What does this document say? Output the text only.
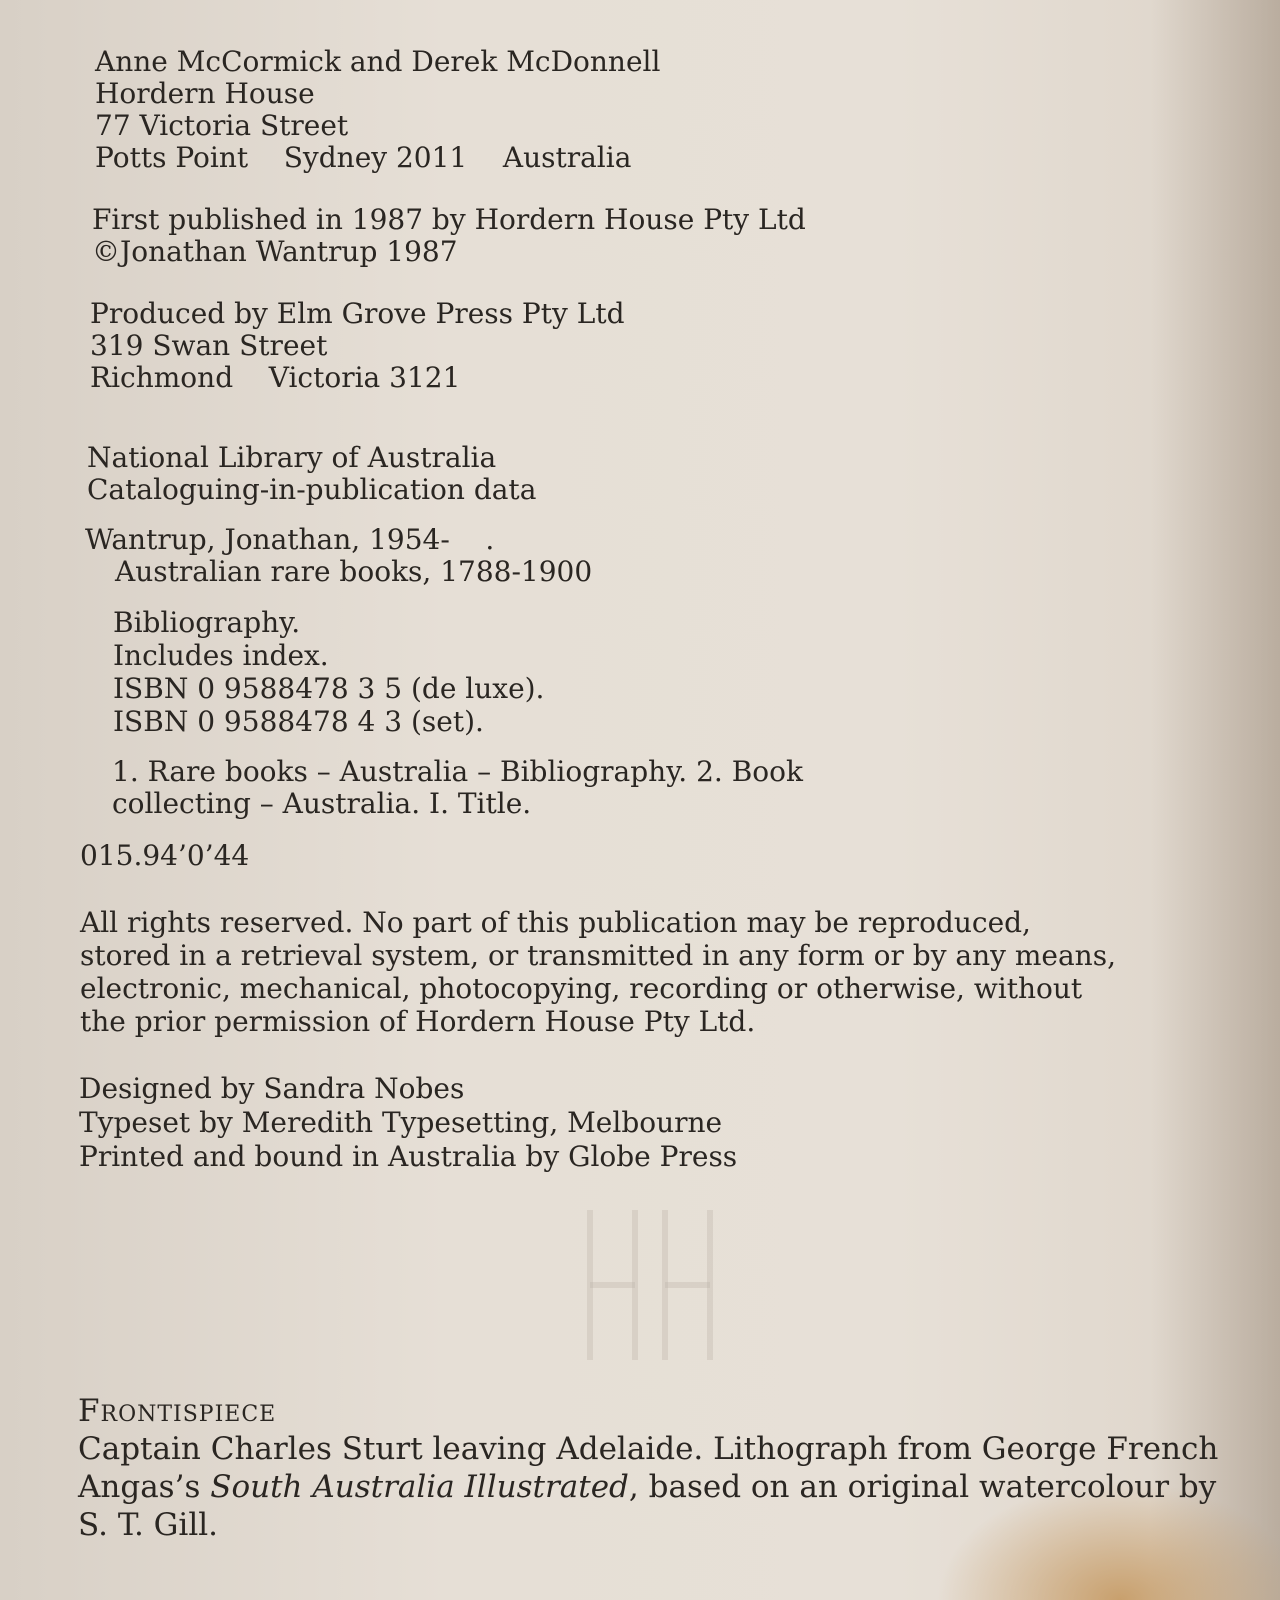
Anne McCormick and Derek McDonnell
Hordern House
77 Victoria Street
Potts Point    Sydney 2011    Australia
First published in 1987 by Hordern House Pty Ltd
©Jonathan Wantrup 1987
Produced by Elm Grove Press Pty Ltd
319 Swan Street
Richmond    Victoria 3121
National Library of Australia
Cataloguing-in-publication data
Wantrup, Jonathan, 1954-    .
Australian rare books, 1788-1900
Bibliography.
Includes index.
ISBN 0 9588478 3 5 (de luxe).
ISBN 0 9588478 4 3 (set).
1. Rare books – Australia – Bibliography. 2. Book
collecting – Australia. I. Title.
015.94’0’44
All rights reserved. No part of this publication may be reproduced,
stored in a retrieval system, or transmitted in any form or by any means,
electronic, mechanical, photocopying, recording or otherwise, without
the prior permission of Hordern House Pty Ltd.
Designed by Sandra Nobes
Typeset by Meredith Typesetting, Melbourne
Printed and bound in Australia by Globe Press
Frontispiece
Captain Charles Sturt leaving Adelaide. Lithograph from George French
Angas’s South Australia Illustrated, based on an original watercolour by
S. T. Gill.
